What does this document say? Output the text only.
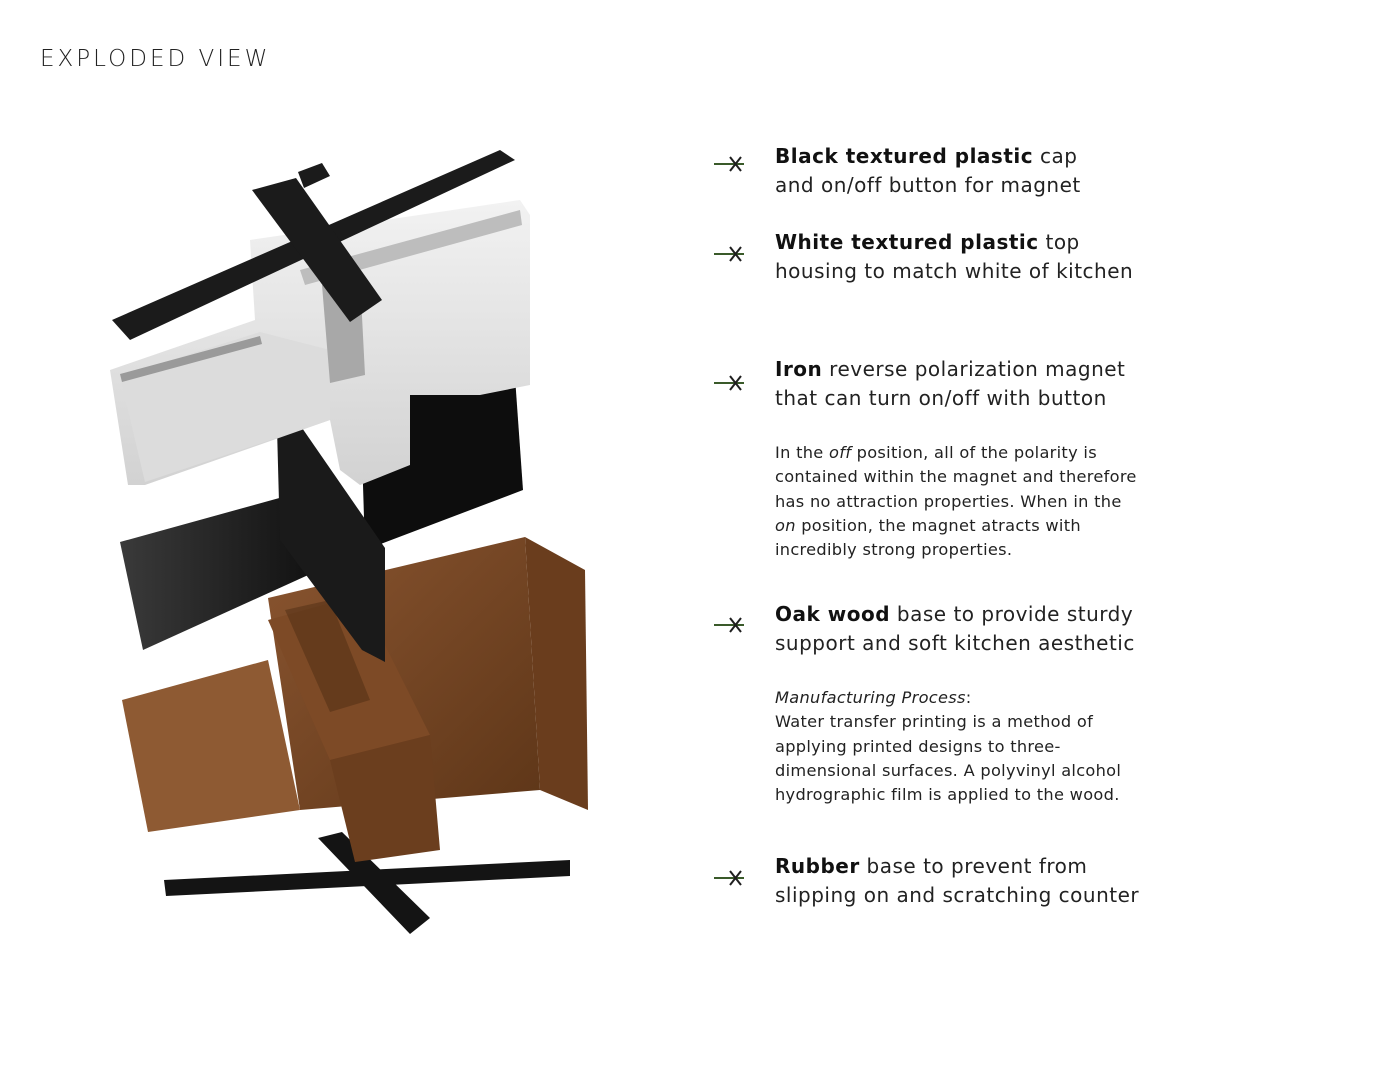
EXPLODED VIEW
Black textured plastic cap
and on/off button for magnet
White textured plastic top
housing to match white of kitchen
Iron reverse polarization magnet
that can turn on/off with button
In the off position, all of the polarity is
contained within the magnet and therefore
has no attraction properties. When in the
on position, the magnet atracts with
incredibly strong properties.
Oak wood base to provide sturdy
support and soft kitchen aesthetic
Manufacturing Process:
Water transfer printing is a method of
applying printed designs to three-
dimensional surfaces. A polyvinyl alcohol
hydrographic film is applied to the wood.
Rubber base to prevent from
slipping on and scratching counter
